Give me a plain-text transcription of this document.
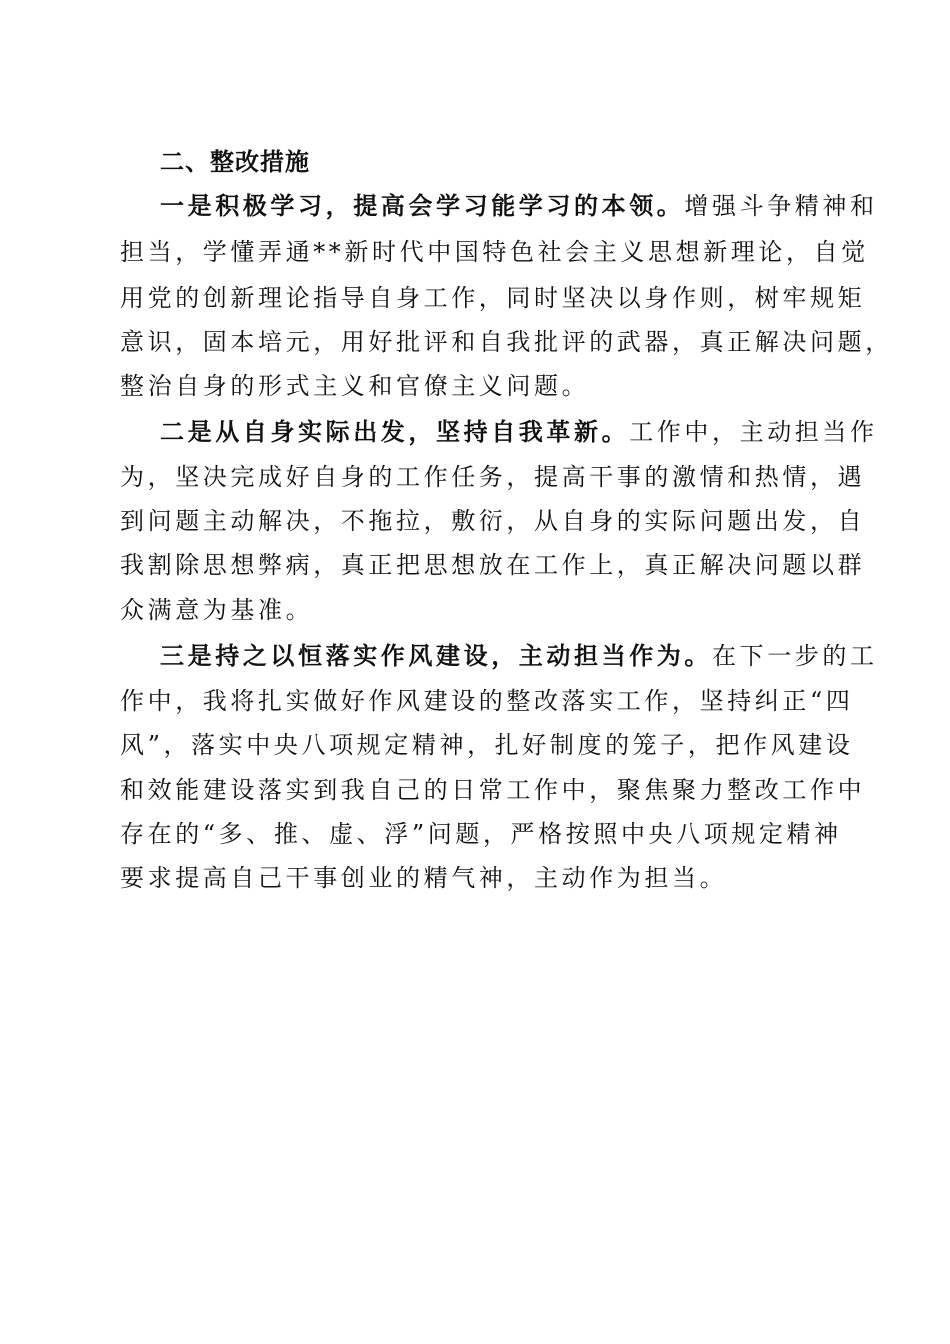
二、整改措施
一是积极学习，提高会学习能学习的本领。增强斗争精神和
担当，学懂弄通**新时代中国特色社会主义思想新理论，自觉
用党的创新理论指导自身工作，同时坚决以身作则，树牢规矩
意识，固本培元，用好批评和自我批评的武器，真正解决问题，
整治自身的形式主义和官僚主义问题。
二是从自身实际出发，坚持自我革新。工作中，主动担当作
为，坚决完成好自身的工作任务，提高干事的激情和热情，遇
到问题主动解决，不拖拉，敷衍，从自身的实际问题出发，自
我割除思想弊病，真正把思想放在工作上，真正解决问题以群
众满意为基准。
三是持之以恒落实作风建设，主动担当作为。在下一步的工
作中，我将扎实做好作风建设的整改落实工作，坚持纠正“四
风”，落实中央八项规定精神，扎好制度的笼子，把作风建设
和效能建设落实到我自己的日常工作中，聚焦聚力整改工作中
存在的“多、推、虚、浮”问题，严格按照中央八项规定精神
要求提高自己干事创业的精气神，主动作为担当。
